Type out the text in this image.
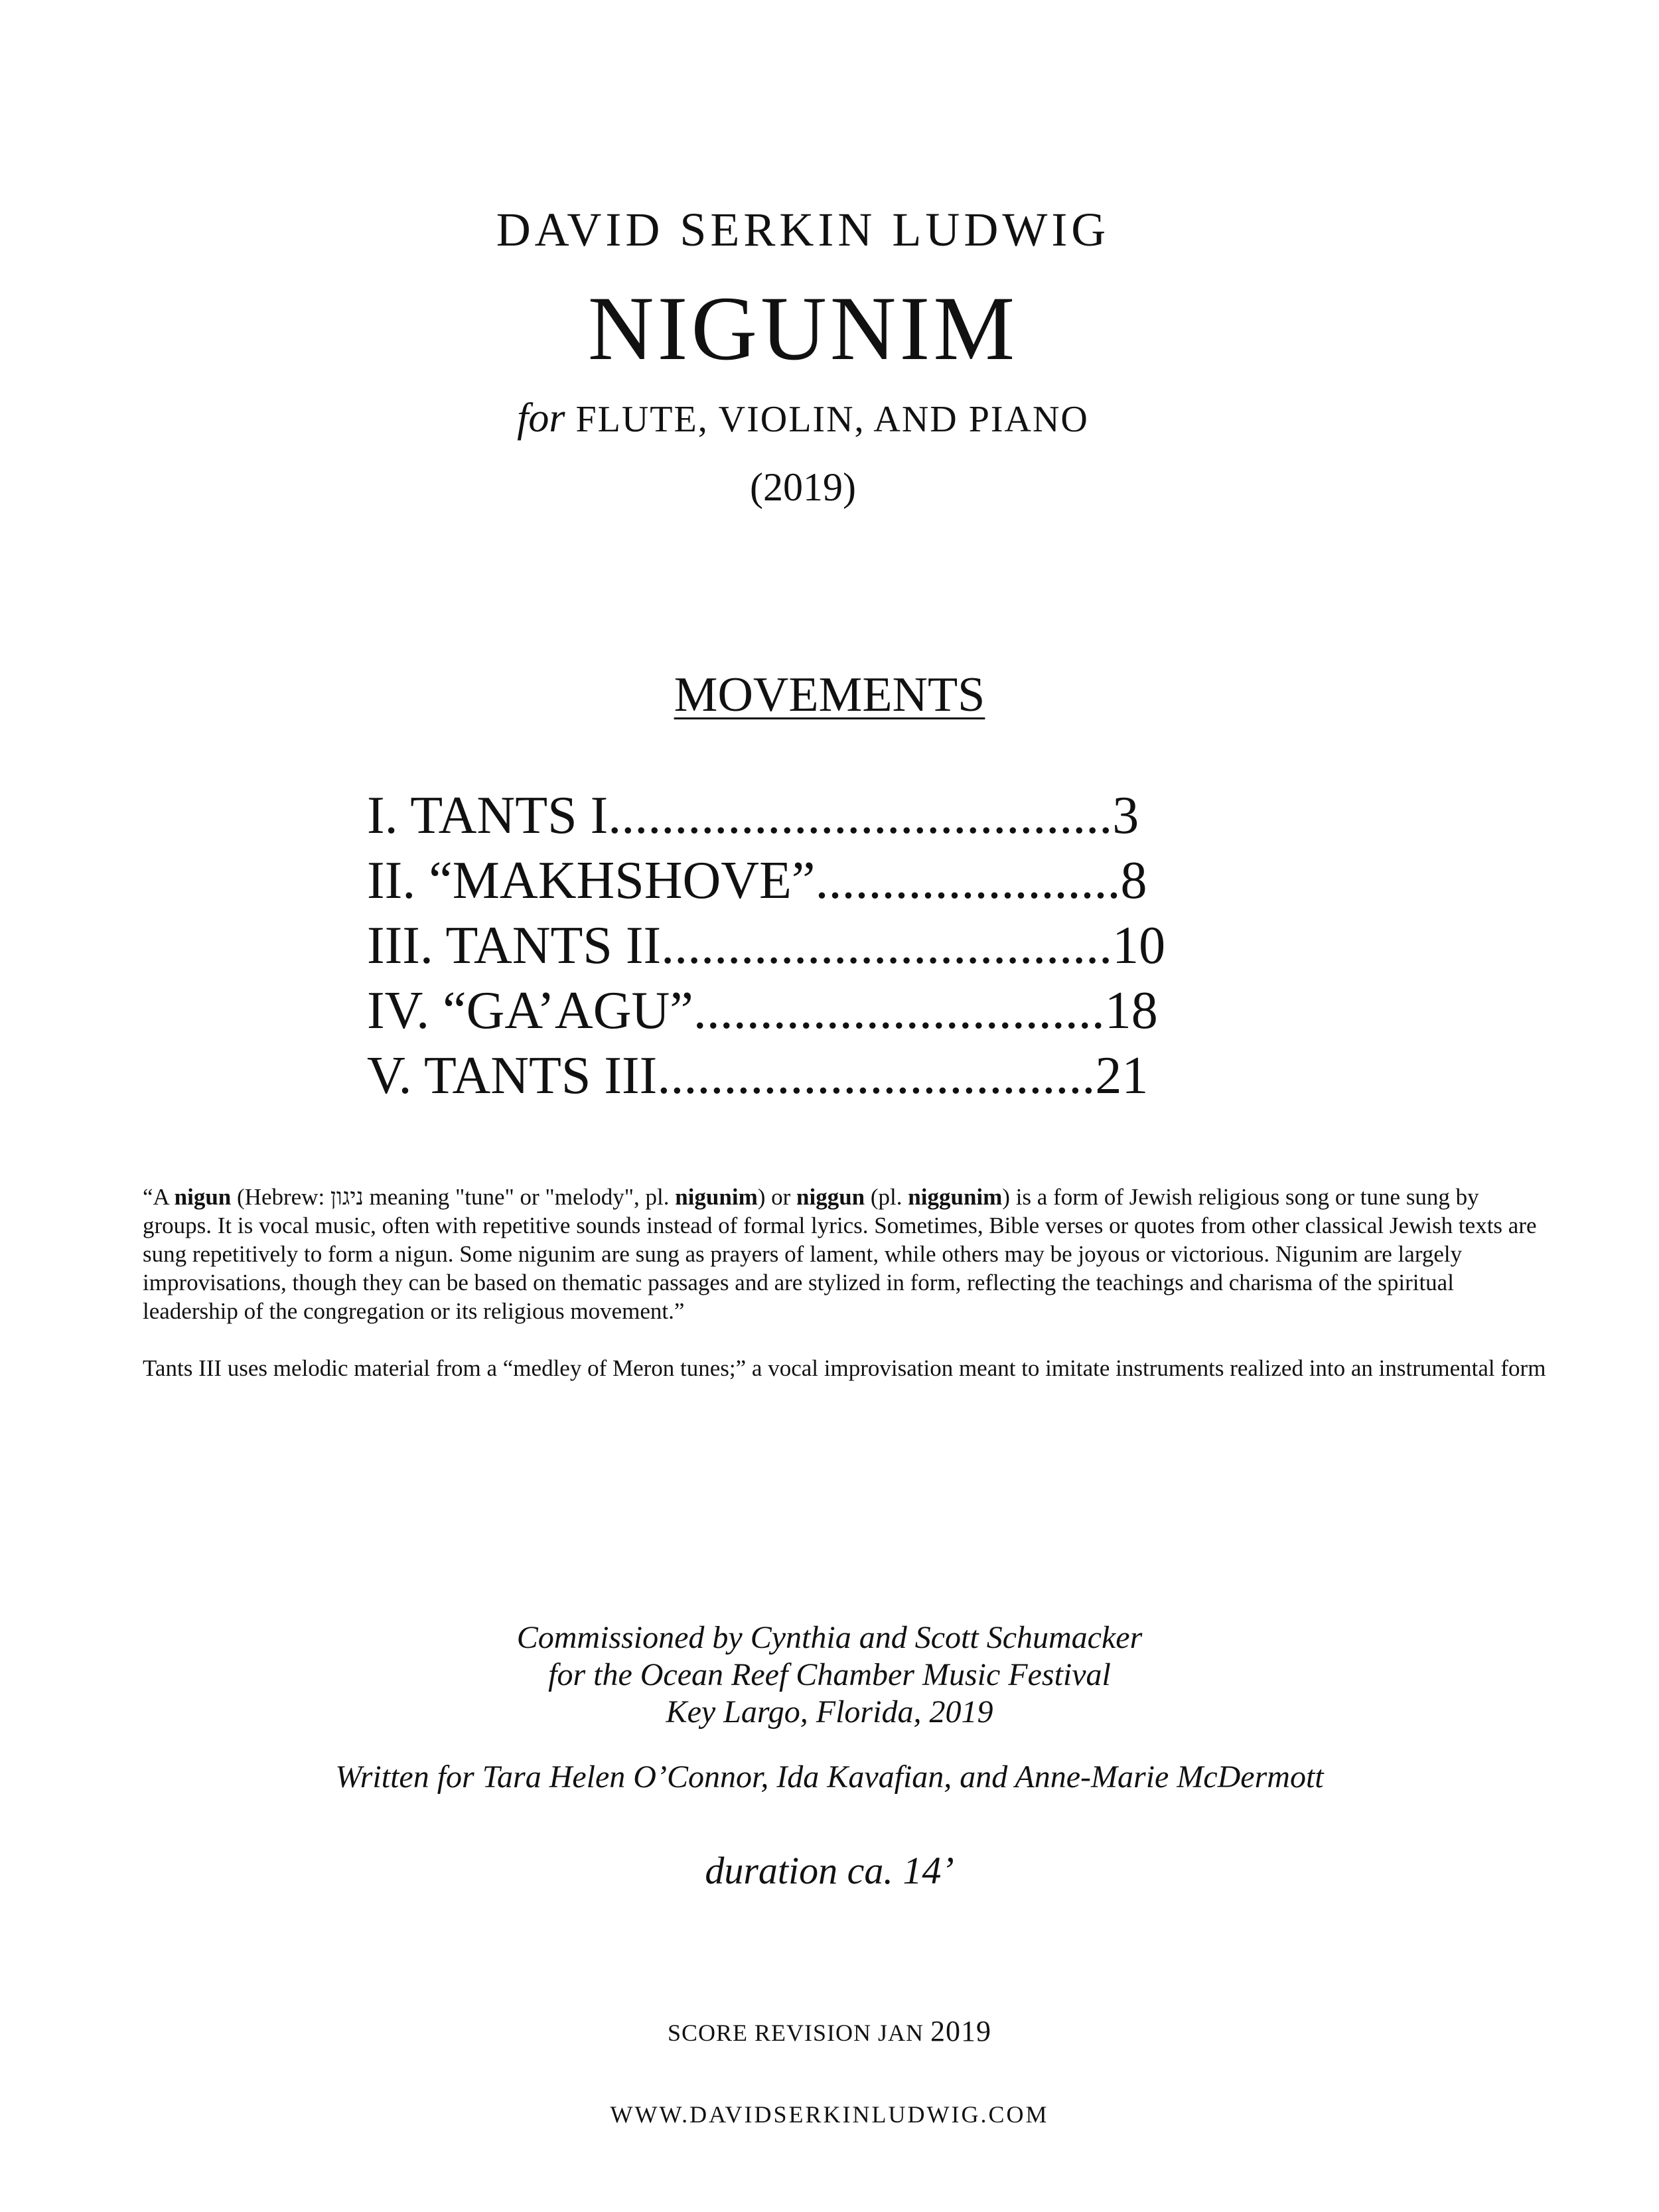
DAVID SERKIN LUDWIG
NIGUNIM
for FLUTE, VIOLIN, AND PIANO
(2019)
MOVEMENTS
I. TANTS I......................................3
II. “MAKHSHOVE”.......................8
III. TANTS II..................................10
IV. “GA’AGU”...............................18
V. TANTS III.................................21

“A nigun (Hebrew: ניגון meaning "tune" or "melody", pl. nigunim) or niggun (pl. niggunim) is a form of Jewish religious song or tune sung by groups. It is vocal music, often with repetitive sounds instead of formal lyrics. Sometimes, Bible verses or quotes from other classical Jewish texts are sung repetitively to form a nigun. Some nigunim are sung as prayers of lament, while others may be joyous or victorious. Nigunim are largely improvisations, though they can be based on thematic passages and are stylized in form, reflecting the teachings and charisma of the spiritual leadership of the congregation or its religious movement.”

Tants III uses melodic material from a “medley of Meron tunes;” a vocal improvisation meant to imitate instruments realized into an instrumental form

Commissioned by Cynthia and Scott Schumacker
for the Ocean Reef Chamber Music Festival
Key Largo, Florida, 2019
Written for Tara Helen O’Connor, Ida Kavafian, and Anne-Marie McDermott
duration ca. 14’
SCORE REVISION JAN 2019
WWW.DAVIDSERKINLUDWIG.COM
